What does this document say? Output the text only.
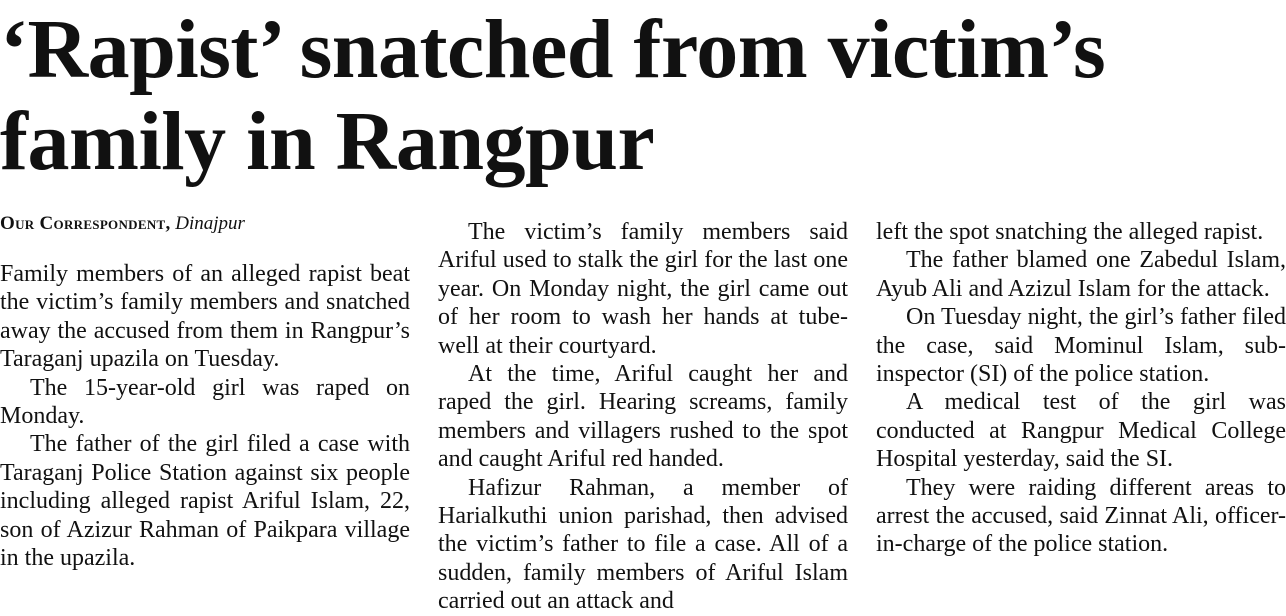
‘Rapist’ snatched from victim’s
family in Rangpur
Our Correspondent, Dinajpur

Family members of an alleged rapist beat the victim’s family members and snatched away the accused from them in Rangpur’s Taraganj upazila on Tuesday.

The 15-year-old girl was raped on Monday.

The father of the girl filed a case with Taraganj Police Station against six people including alleged rapist Ariful Islam, 22, son of Azizur Rahman of Paikpara village in the upazila.

The victim’s family members said Ariful used to stalk the girl for the last one year. On Monday night, the girl came out of her room to wash her hands at tube-well at their courtyard.

At the time, Ariful caught her and raped the girl. Hearing screams, family members and villagers rushed to the spot and caught Ariful red handed.

Hafizur Rahman, a member of Harialkuthi union parishad, then advised the victim’s father to file a case. All of a sudden, family members of Ariful Islam carried out an attack and

left the spot snatching the alleged rapist.

The father blamed one Zabedul Islam, Ayub Ali and Azizul Islam for the attack.

On Tuesday night, the girl’s father filed the case, said Mominul Islam, sub-inspector (SI) of the police station.

A medical test of the girl was conducted at Rangpur Medical College Hospital yesterday, said the SI.

They were raiding different areas to arrest the accused, said Zinnat Ali, officer-in-charge of the police station.
